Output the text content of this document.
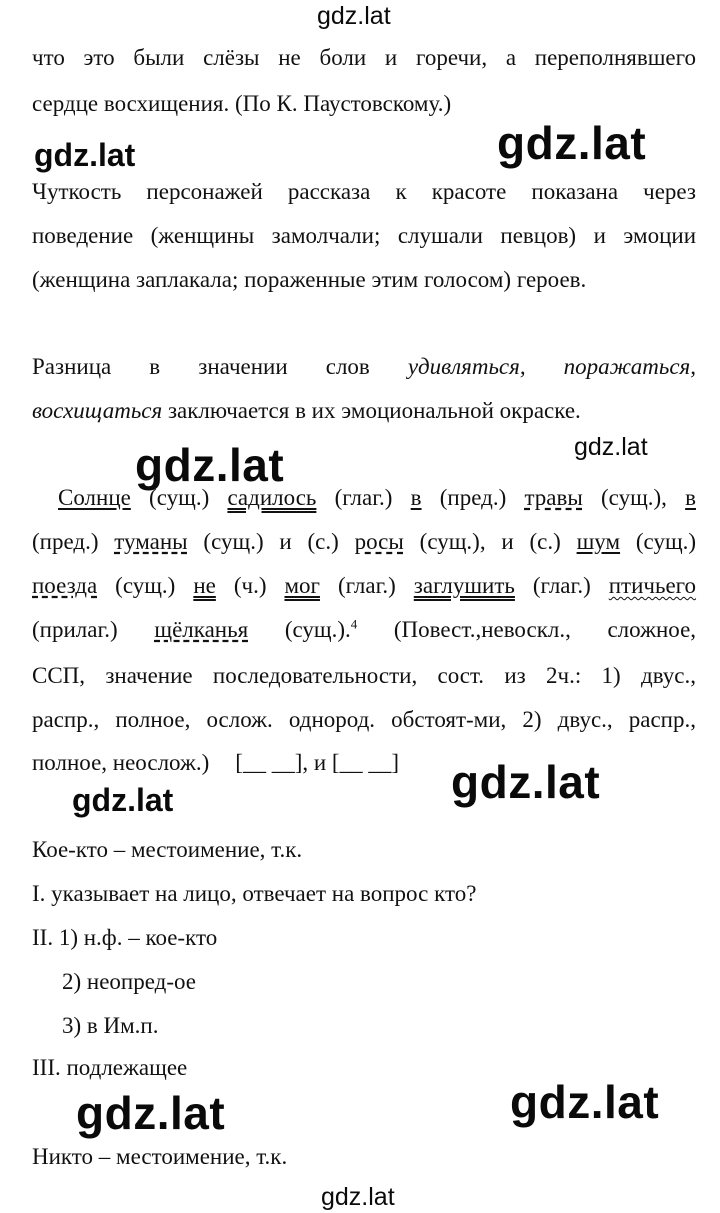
gdz.lat
gdz.lat	gdz.lat
gdz.lat
gdz.lat
gdz.lat
gdz.lat
gdz.lat
gdz.lat
gdz.lat
что это были слёзы не боли и горечи, а переполнявшего
сердце восхищения. (По К. Паустовскому.)
Чуткость персонажей рассказа к красоте показана через
поведение (женщины замолчали; слушали певцов) и эмоции
(женщина заплакала; пораженные этим голосом) героев.
Разница в значении слов удивляться, поражаться,
восхищаться заключается в их эмоциональной окраске.
Солнце (сущ.) садилось (глаг.) в (пред.) травы (сущ.), в
(пред.) туманы (сущ.) и (с.) росы (сущ.), и (с.) шум (сущ.)
поезда (сущ.) не (ч.) мог (глаг.) заглушить (глаг.) птичьего
(прилаг.) щёлканья (сущ.).$^4$ (Повест.,невоскл., сложное,
ССП, значение последовательности, сост. из 2ч.: 1) двус.,
распр., полное, ослож. однород. обстоят-ми, 2) двус., распр.,
полное, неослож.) [__ __], и [__ __]
Кое-кто – местоимение, т.к.
I. указывает на лицо, отвечает на вопрос кто?
II. 1) н.ф. – кое-кто
2) неопред-ое
3) в Им.п.
III. подлежащее
Никто – местоимение, т.к.
